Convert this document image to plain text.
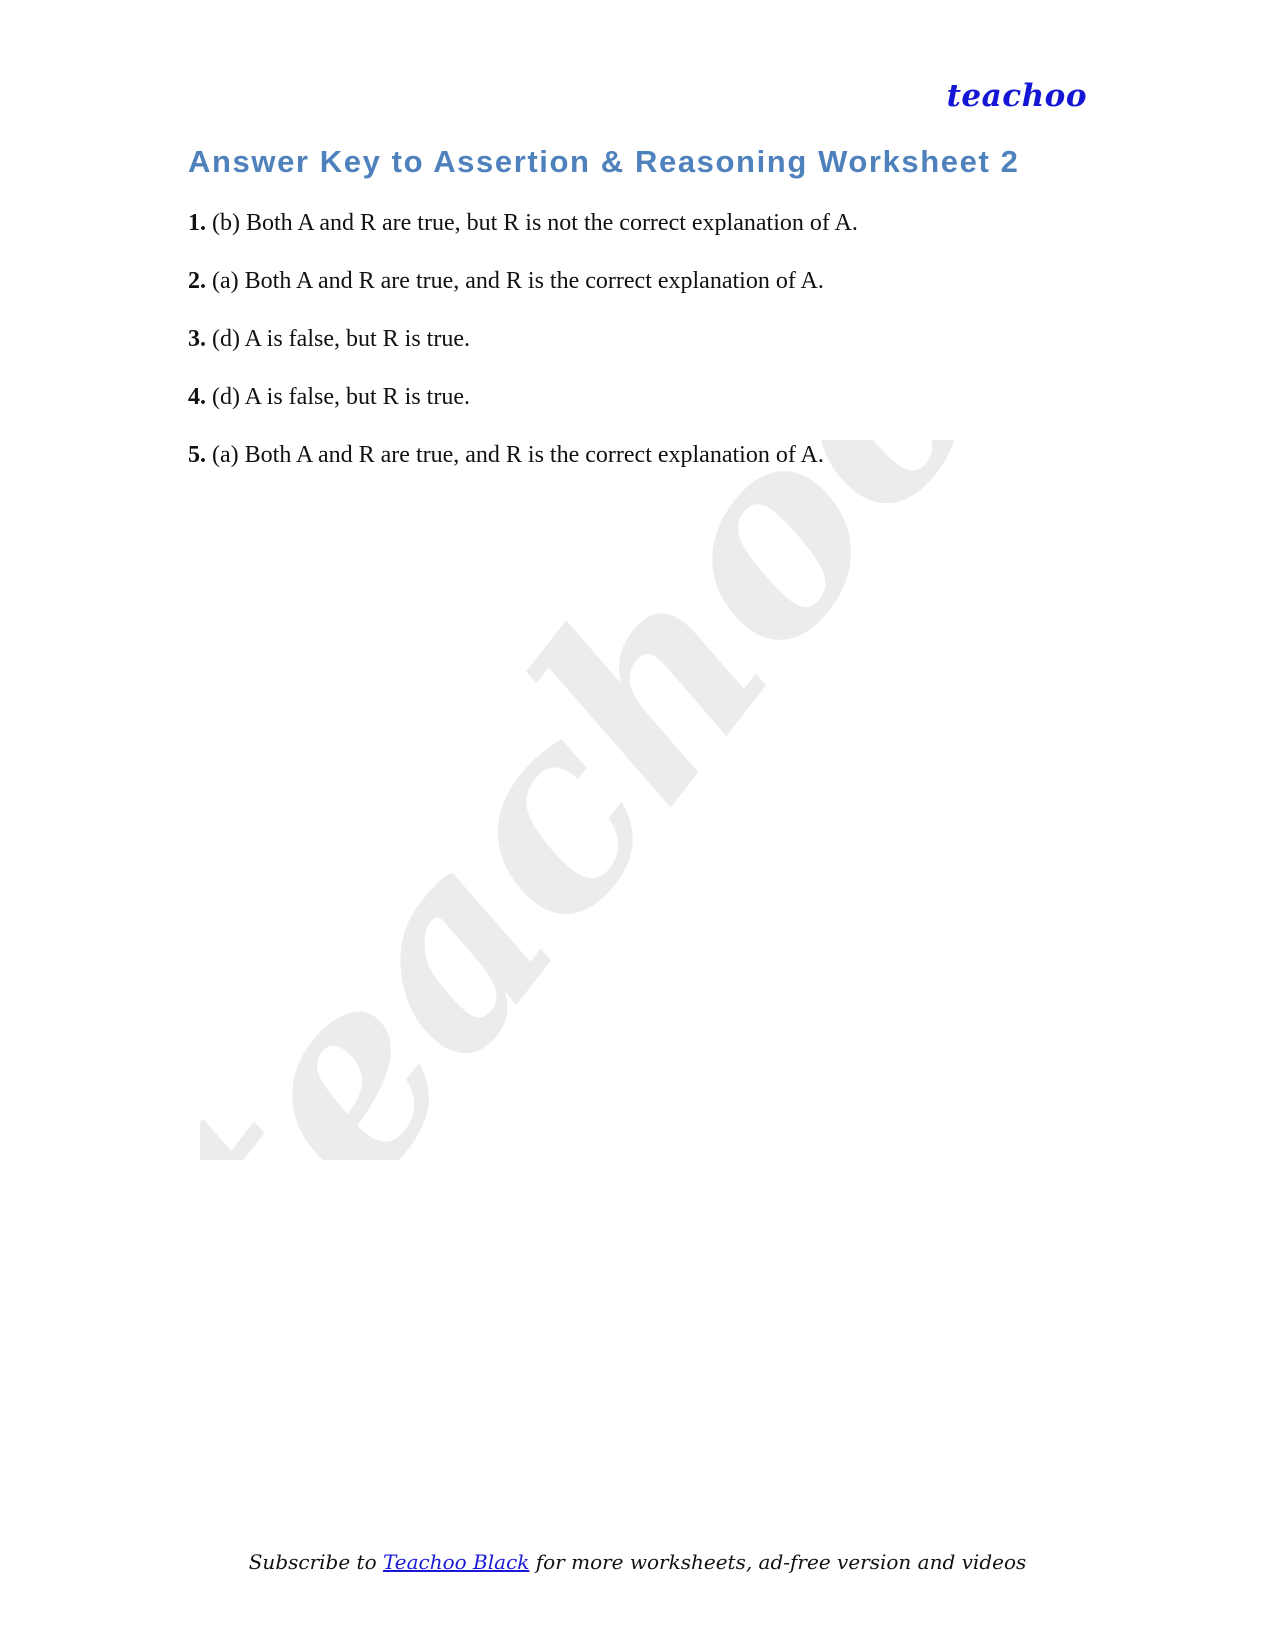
teachoo
teachoo
Answer Key to Assertion & Reasoning Worksheet 2
1. (b) Both A and R are true, but R is not the correct explanation of A.
2. (a) Both A and R are true, and R is the correct explanation of A.
3. (d) A is false, but R is true.
4. (d) A is false, but R is true.
5. (a) Both A and R are true, and R is the correct explanation of A.
Subscribe to Teachoo Black for more worksheets, ad-free version and videos
